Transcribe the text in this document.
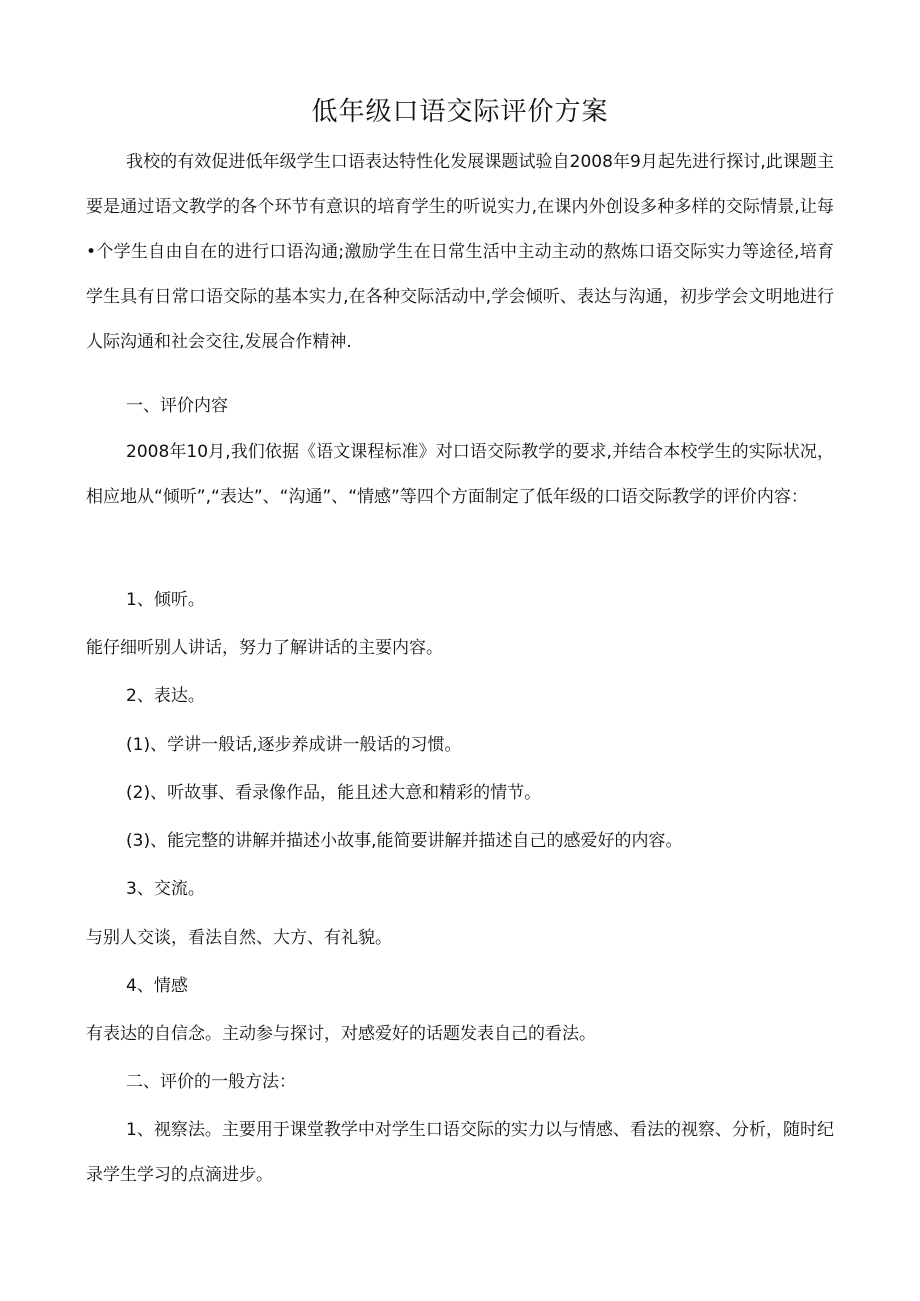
低年级口语交际评价方案
我校的有效促进低年级学生口语表达特性化发展课题试验自2008年9月起先进行探讨,此课题主要是通过语文教学的各个环节有意识的培育学生的听说实力,在课内外创设多种多样的交际情景,让每•个学生自由自在的进行口语沟通;激励学生在日常生活中主动主动的熬炼口语交际实力等途径,培育学生具有日常口语交际的基本实力,在各种交际活动中,学会倾听、表达与沟通，初步学会文明地进行人际沟通和社会交往,发展合作精神.
一、评价内容
2008年10月,我们依据《语文课程标准》对口语交际教学的要求,并结合本校学生的实际状况，相应地从“倾听”,“表达”、“沟通”、“情感”等四个方面制定了低年级的口语交际教学的评价内容：
1、倾听。
能仔细听别人讲话，努力了解讲话的主要内容。
2、表达。
(1)、学讲一般话,逐步养成讲一般话的习惯。
(2)、听故事、看录像作品，能且述大意和精彩的情节。
(3)、能完整的讲解并描述小故事,能简要讲解并描述自己的感爱好的内容。
3、交流。
与别人交谈，看法自然、大方、有礼貌。
4、情感
有表达的自信念。主动参与探讨，对感爱好的话题发表自己的看法。
二、评价的一般方法：
1、视察法。主要用于课堂教学中对学生口语交际的实力以与情感、看法的视察、分析，随时纪录学生学习的点滴进步。
